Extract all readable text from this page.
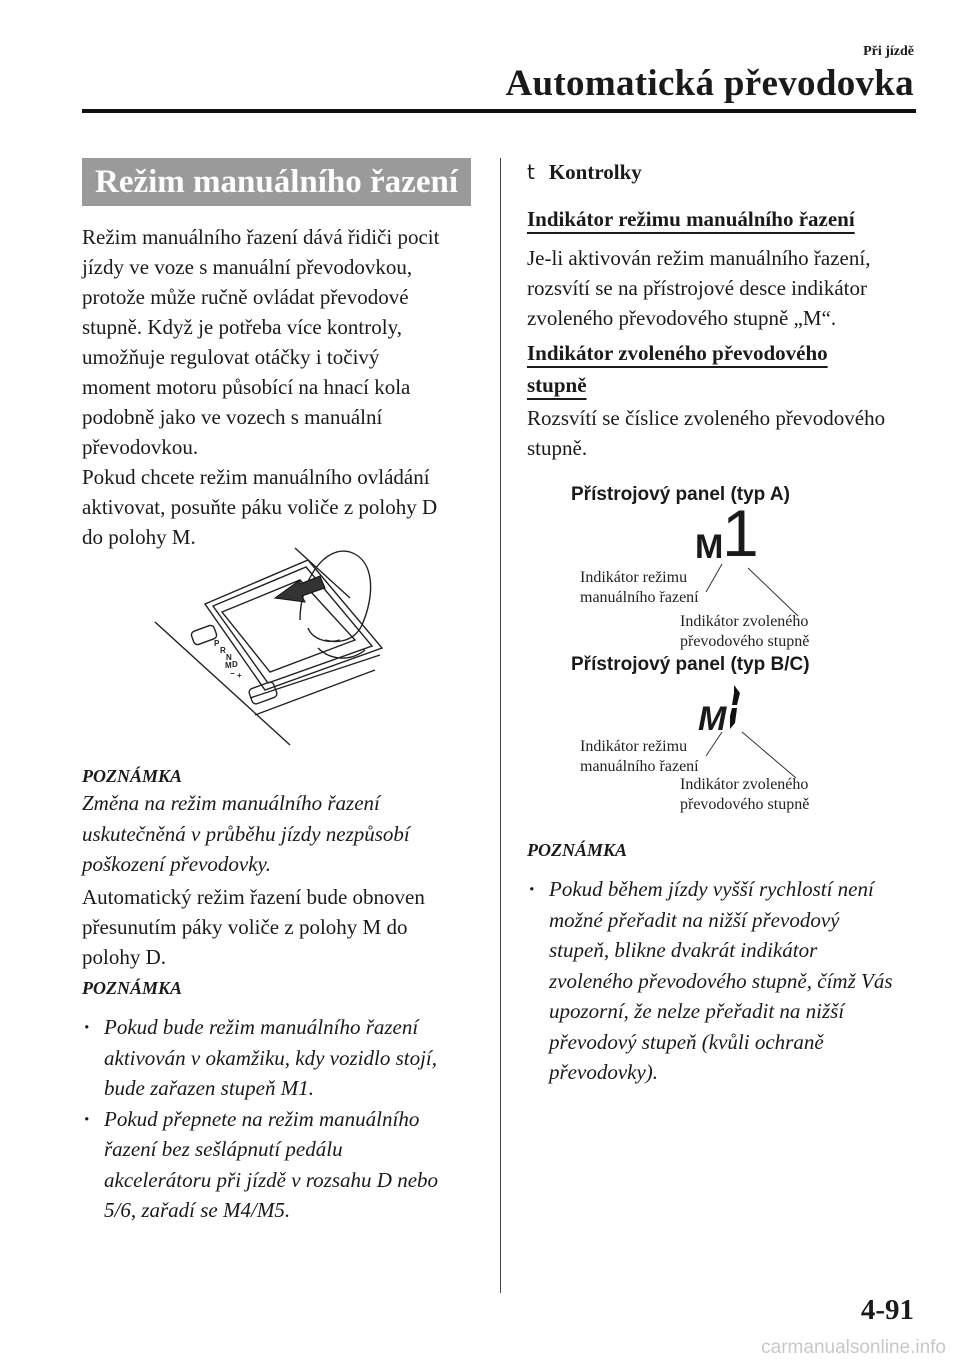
Při jízdě
Automatická převodovka
Režim manuálního řazení
Režim manuálního řazení dává řidiči pocit
jízdy ve voze s manuální převodovkou,
protože může ručně ovládat převodové
stupně. Když je potřeba více kontroly,
umožňuje regulovat otáčky i točivý
moment motoru působící na hnací kola
podobně jako ve vozech s manuální
převodovkou.
Pokud chcete režim manuálního ovládání
aktivovat, posuňte páku voliče z polohy D
do polohy M.
P
R
N
D
M
− +
POZNÁMKA
Změna na režim manuálního řazení
uskutečněná v průběhu jízdy nezpůsobí
poškození převodovky.
Automatický režim řazení bude obnoven
přesunutím páky voliče z polohy M do
polohy D.
POZNÁMKA
· Pokud bude režim manuálního řazení
aktivován v okamžiku, kdy vozidlo stojí,
bude zařazen stupeň M1.
· Pokud přepnete na režim manuálního
řazení bez sešlápnutí pedálu
akcelerátoru při jízdě v rozsahu D nebo
5/6, zařadí se M4/M5.
t Kontrolky
Indikátor režimu manuálního řazení
Je-li aktivován režim manuálního řazení,
rozsvítí se na přístrojové desce indikátor
zvoleného převodového stupně „M“.
Indikátor zvoleného převodového
stupně
Rozsvítí se číslice zvoleného převodového
stupně.
Přístrojový panel (typ A)
M
1
Indikátor režimu
manuálního řazení
Indikátor zvoleného
převodového stupně
Přístrojový panel (typ B/C)
M
Indikátor režimu
manuálního řazení
Indikátor zvoleného
převodového stupně
POZNÁMKA
· Pokud během jízdy vyšší rychlostí není
možné přeřadit na nižší převodový
stupeň, blikne dvakrát indikátor
zvoleného převodového stupně, čímž Vás
upozorní, že nelze přeřadit na nižší
převodový stupeň (kvůli ochraně
převodovky).
4-91
carmanualsonline.info
